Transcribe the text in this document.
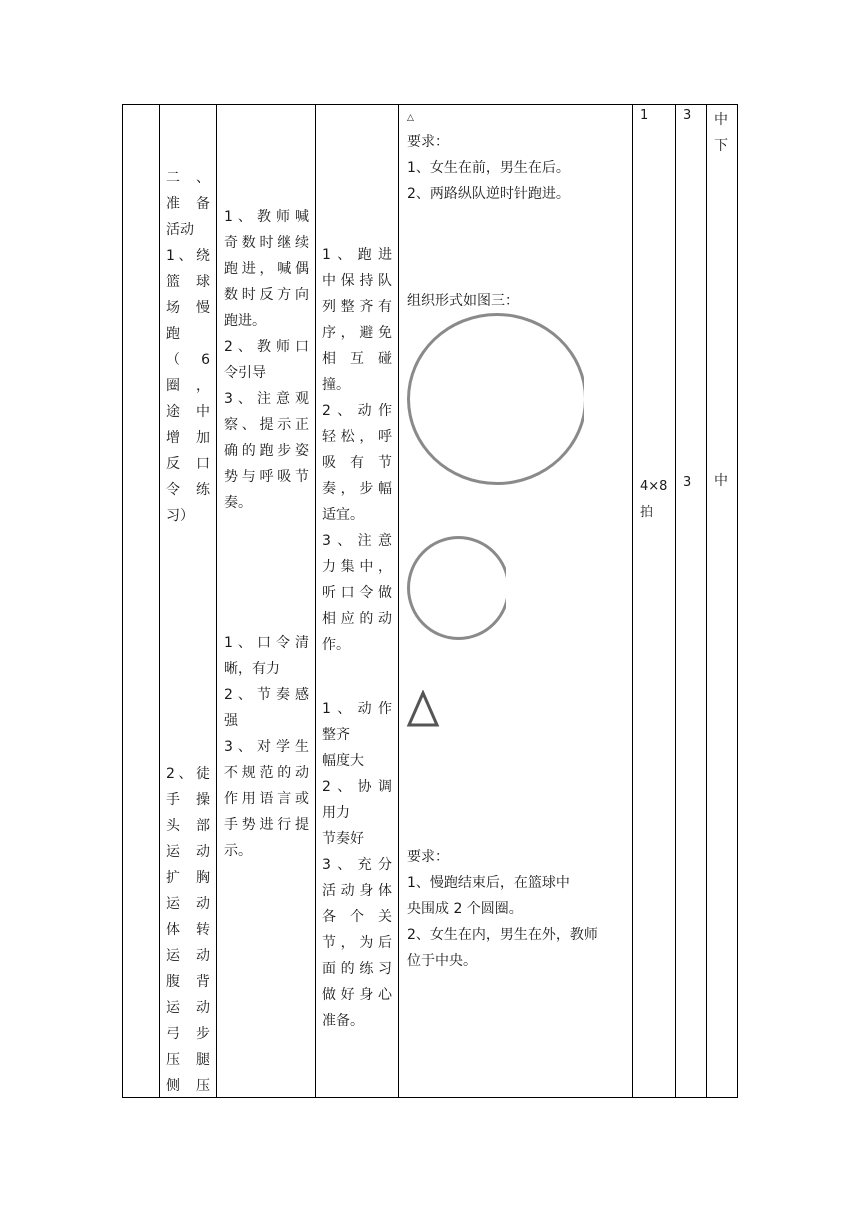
二 、
准 备
活动
1、绕
篮 球
场 慢
跑
（ 6
圈 ，
途 中
增 加
反 口
令 练
习）
2、徒
手操
头 部
运动
扩 胸
运动
体 转
运动
腹 背
运动
弓 步
压腿
侧 压
1、教师喊
奇数时继续
跑进，喊偶
数时反方向
跑进。
2、教师口
令引导
3、注意观
察、提示正
确的跑步姿
势与呼吸节奏。
1、口令清
晰，有力
2、节奏感
强
3、对学生
不规范的动
作用语言或
手势进行提
示。
1、跑进
中保持队
列整齐有
序，避免
相 互 碰
撞。
2、动作
轻松，呼
吸 有 节
奏，步幅
适宜。
3、注意
力集中，
听口令做
相应的动
作。
1、动作
整齐
幅度大
2、协调
用力
节奏好
3、充分
活动身体
各 个 关
节，为后
面的练习
做好身心
准备。
△
要求：
1、女生在前，男生在后。
2、两路纵队逆时针跑进。
组织形式如图三：
要求：
1、慢跑结束后，在篮球中
央围成 2 个圆圈。
2、女生在内，男生在外，教师
位于中央。
1
4×8
拍
3
3
中
下
中
